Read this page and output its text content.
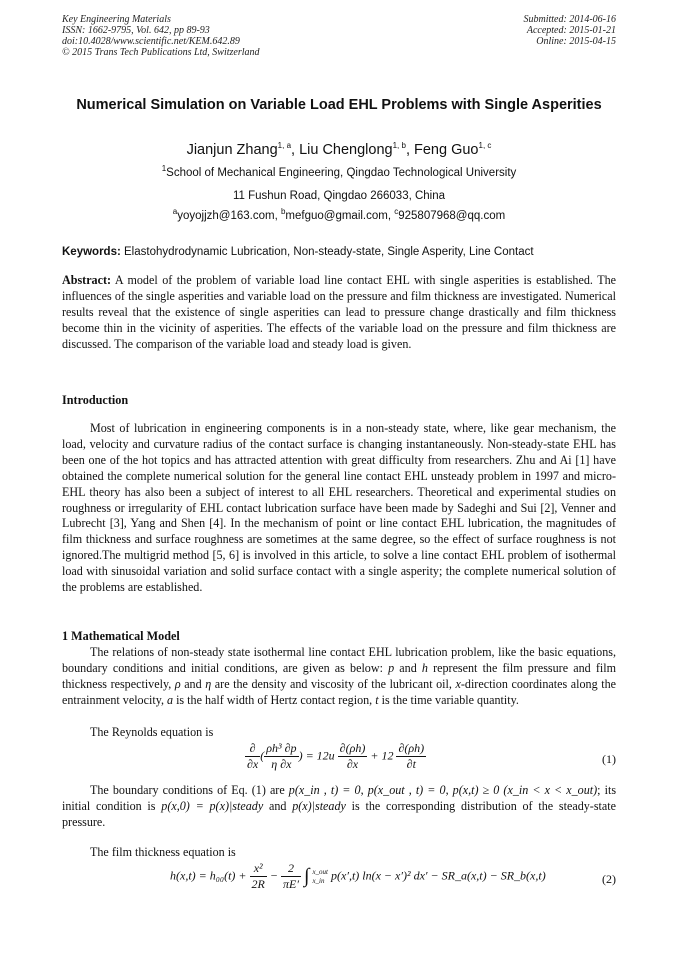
Key Engineering Materials
ISSN: 1662-9795, Vol. 642, pp 89-93
doi:10.4028/www.scientific.net/KEM.642.89
© 2015 Trans Tech Publications Ltd, Switzerland
Submitted: 2014-06-16
Accepted: 2015-01-21
Online: 2015-04-15
Numerical Simulation on Variable Load EHL Problems with Single Asperities
Jianjun Zhang$^{1, a}$, Liu Chenglong$^{1, b}$, Feng Guo$^{1, c}$
$^1$School of Mechanical Engineering, Qingdao Technological University
11 Fushun Road, Qingdao 266033, China
$^a$yoyojjzh@163.com, $^b$mefguo@gmail.com, $^c$925807968@qq.com
Keywords: Elastohydrodynamic Lubrication, Non-steady-state, Single Asperity, Line Contact
Abstract: A model of the problem of variable load line contact EHL with single asperities is established. The influences of the single asperities and variable load on the pressure and film thickness are investigated. Numerical results reveal that the existence of single asperities can lead to pressure change drastically and film thickness become thin in the vicinity of asperities. The effects of the variable load on the pressure and film thickness are discussed. The comparison of the variable load and steady load is given.
Introduction
Most of lubrication in engineering components is in a non-steady state, where, like gear mechanism, the load, velocity and curvature radius of the contact surface is changing instantaneously. Non-steady-state EHL has been one of the hot topics and has attracted attention with great difficulty from researchers. Zhu and Ai [1] have obtained the complete numerical solution for the general line contact EHL unsteady problem in 1997 and micro-EHL theory has also been a subject of interest to all EHL researchers. Theoretical and experimental studies on roughness or irregularity of EHL contact lubrication surface have been made by Sadeghi and Sui [2], Venner and Lubrecht [3], Yang and Shen [4]. In the mechanism of point or line contact EHL lubrication, the magnitudes of film thickness and surface roughness are sometimes at the same degree, so the effect of surface roughness is not ignored.The multigrid method [5, 6] is involved in this article, to solve a line contact EHL problem of isothermal load with sinusoidal variation and solid surface contact with a single asperity; the complete numerical solution of the problems are established.
1 Mathematical Model
The relations of non-steady state isothermal line contact EHL lubrication problem, like the basic equations, boundary conditions and initial conditions, are given as below: p and h represent the film pressure and film thickness respectively, ρ and η are the density and viscosity of the lubricant oil, x-direction coordinates along the entrainment velocity, a is the half width of Hertz contact region, t is the time variable quantity.
The Reynolds equation is
$\frac{\partial}{\partial x}$ ( $\frac{\text{ρh³ ∂p}}{\eta \partial x}$ ) = $12u \frac{\partial(\rho h)}{\partial x} + 12 \frac{\partial(\rho h)}{\partial t}$	(1)
The boundary conditions of Eq. (1) are p(x_in , t) = 0, p(x_out , t) = 0, p(x,t) ≥ 0 (x_in < x < x_out); its initial condition is p(x,0) = p(x)|steady and p(x)|steady is the corresponding distribution of the steady-state pressure.
The film thickness equation is
$h(x,t) = h_{00}(t) + \frac{\text{x²}}{2R} - \frac{2}{\pi E'}$ ∫ x_out
x_in p(x′,t) ln(x − x′)² dx′ − SR_a(x,t) − SR_b(x,t)	(2)
